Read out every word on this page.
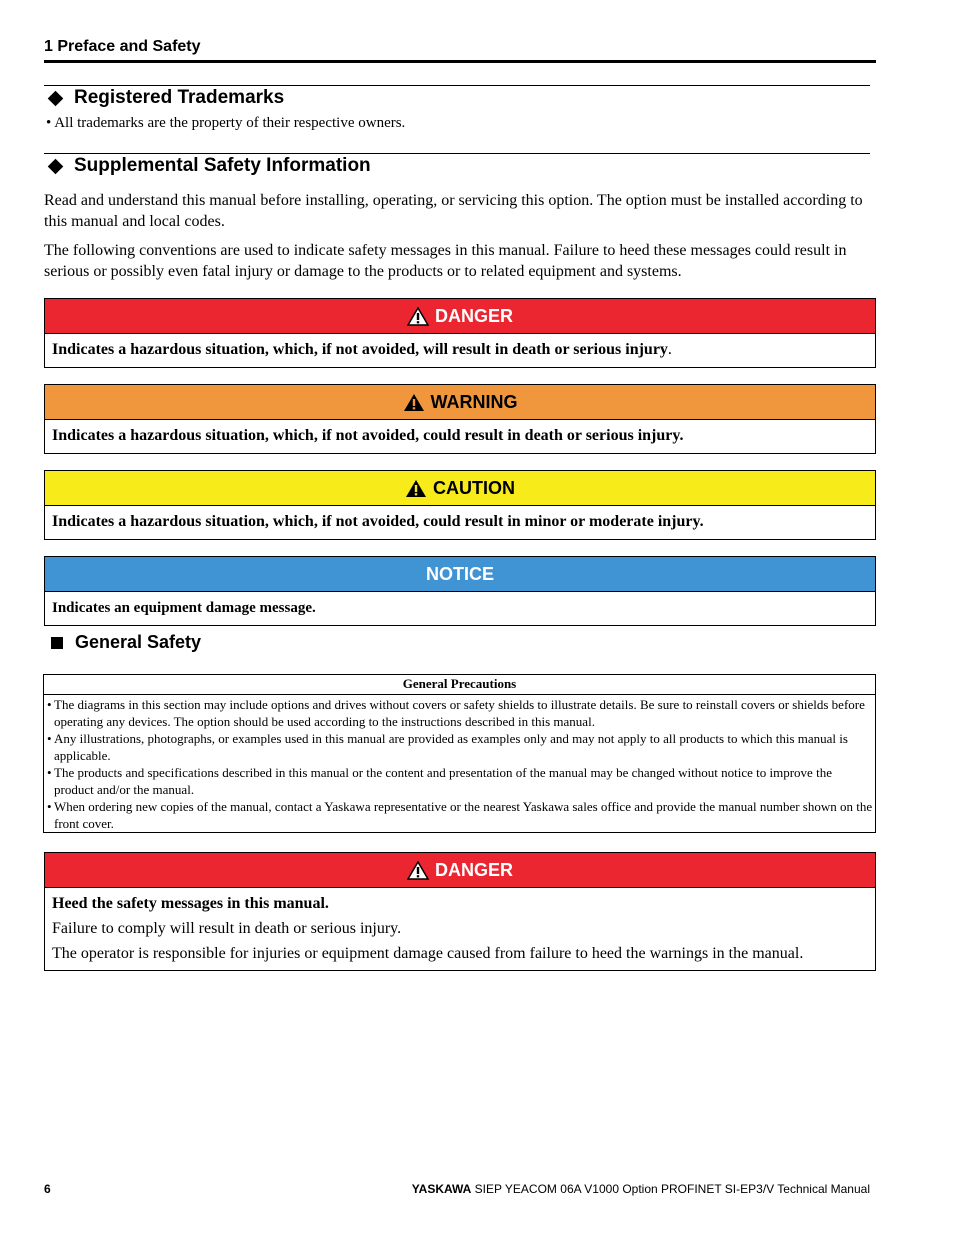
1 Preface and Safety
Registered Trademarks
• All trademarks are the property of their respective owners.
Supplemental Safety Information
Read and understand this manual before installing, operating, or servicing this option. The option must be installed according to this manual and local codes.
The following conventions are used to indicate safety messages in this manual. Failure to heed these messages could result in serious or possibly even fatal injury or damage to the products or to related equipment and systems.
DANGER
Indicates a hazardous situation, which, if not avoided, will result in death or serious injury.
WARNING
Indicates a hazardous situation, which, if not avoided, could result in death or serious injury.
CAUTION
Indicates a hazardous situation, which, if not avoided, could result in minor or moderate injury.
NOTICE
Indicates an equipment damage message.
General Safety
General Precautions
• The diagrams in this section may include options and drives without covers or safety shields to illustrate details. Be sure to reinstall covers or shields before operating any devices. The option should be used according to the instructions described in this manual.
• Any illustrations, photographs, or examples used in this manual are provided as examples only and may not apply to all products to which this manual is applicable.
• The products and specifications described in this manual or the content and presentation of the manual may be changed without notice to improve the product and/or the manual.
• When ordering new copies of the manual, contact a Yaskawa representative or the nearest Yaskawa sales office and provide the manual number shown on the front cover.
DANGER
Heed the safety messages in this manual.
Failure to comply will result in death or serious injury.
The operator is responsible for injuries or equipment damage caused from failure to heed the warnings in the manual.
6	YASKAWA SIEP YEACOM 06A V1000 Option PROFINET SI-EP3/V Technical Manual
